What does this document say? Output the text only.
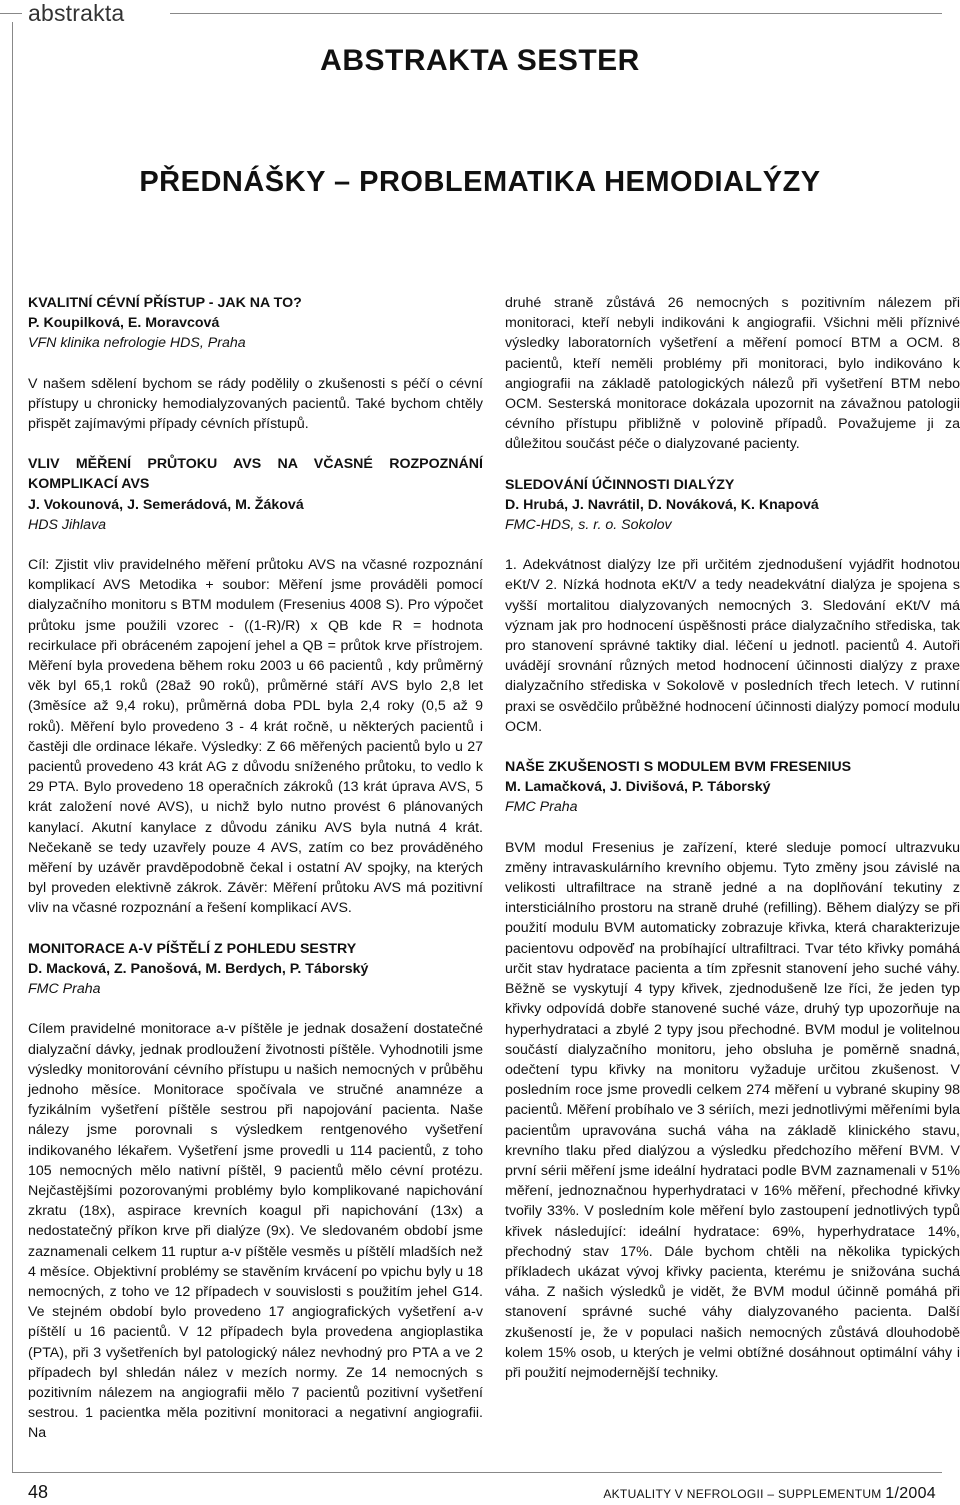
abstrakta
ABSTRAKTA SESTER
PŘEDNÁŠKY – PROBLEMATIKA HEMODIALÝZY
KVALITNÍ CÉVNÍ PŘÍSTUP - JAK NA TO?
P. Koupilková, E. Moravcová
VFN klinika nefrologie HDS, Praha

V našem sdělení bychom se rády podělily o zkušenosti s péčí o cévní přístupy u chronicky hemodialyzovaných pacientů. Také bychom chtěly přispět zajímavými případy cévních přístupů.

VLIV MĚŘENÍ PRŮTOKU AVS NA VČASNÉ ROZPOZNÁNÍ KOMPLIKACÍ AVS
J. Vokounová, J. Semerádová, M. Žáková
HDS Jihlava

Cíl: Zjistit vliv pravidelného měření průtoku AVS na včasné rozpoznání komplikací AVS Metodika + soubor: Měření jsme prováděli pomocí dialyzačního monitoru s BTM modulem (Fresenius 4008 S). Pro výpočet průtoku jsme použili vzorec - ((1-R)/R) x QB kde R = hodnota recirkulace při obráceném zapojení jehel a QB = průtok krve přístrojem. Měření byla provedena během roku 2003 u 66 pacientů , kdy průměrný věk byl 65,1 roků (28až 90 roků), průměrné stáří AVS bylo 2,8 let (3měsíce až 9,4 roku), průměrná doba PDL byla 2,4 roky (0,5 až 9 roků). Měření bylo provedeno 3 - 4 krát ročně, u některých pacientů i častěji dle ordinace lékaře. Výsledky: Z 66 měřených pacientů bylo u 27 pacientů provedeno 43 krát AG z důvodu sníženého průtoku, to vedlo k 29 PTA. Bylo provedeno 18 operačních zákroků (13 krát úprava AVS, 5 krát založení nové AVS), u nichž bylo nutno provést 6 plánovaných kanylací. Akutní kanylace z důvodu zániku AVS byla nutná 4 krát. Nečekaně se tedy uzavřely pouze 4 AVS, zatím co bez prováděného měření by uzávěr pravděpodobně čekal i ostatní AV spojky, na kterých byl proveden elektivně zákrok. Závěr: Měření průtoku AVS má pozitivní vliv na včasné rozpoznání a řešení komplikací AVS.

MONITORACE A-V PÍŠTĚLÍ Z POHLEDU SESTRY
D. Macková, Z. Panošová, M. Berdych, P. Táborský
FMC Praha

Cílem pravidelné monitorace a-v píštěle je jednak dosažení dostatečné dialyzační dávky, jednak prodloužení životnosti píštěle. Vyhodnotili jsme výsledky monitorování cévního přístupu u našich nemocných v průběhu jednoho měsíce. Monitorace spočívala ve stručné anamnéze a fyzikálním vyšetření píštěle sestrou při napojování pacienta. Naše nálezy jsme porovnali s výsledkem rentgenového vyšetření indikovaného lékařem. Vyšetření jsme provedli u 114 pacientů, z toho 105 nemocných mělo nativní píštěl, 9 pacientů mělo cévní protézu. Nejčastějšími pozorovanými problémy bylo komplikované napichování zkratu (18x), aspirace krevních koagul při napichování (13x) a nedostatečný příkon krve při dialýze (9x). Ve sledovaném období jsme zaznamenali celkem 11 ruptur a-v píštěle vesměs u píštělí mladších než 4 měsíce. Objektivní problémy se stavěním krvácení po vpichu byly u 18 nemocných, z toho ve 12 případech v souvislosti s použitím jehel G14. Ve stejném období bylo provedeno 17 angiografických vyšetření a-v píštělí u 16 pacientů. V 12 případech byla provedena angioplastika (PTA), při 3 vyšetřeních byl patologický nález nevhodný pro PTA a ve 2 případech byl shledán nález v mezích normy. Ze 14 nemocných s pozitivním nálezem na angiografii mělo 7 pacientů pozitivní vyšetření sestrou. 1 pacientka měla pozitivní monitoraci a negativní angiografii. Na

druhé straně zůstává 26 nemocných s pozitivním nálezem při monitoraci, kteří nebyli indikováni k angiografii. Všichni měli příznivé výsledky laboratorních vyšetření a měření pomocí BTM a OCM. 8 pacientů, kteří neměli problémy při monitoraci, bylo indikováno k angiografii na základě patologických nálezů při vyšetření BTM nebo OCM. Sesterská monitorace dokázala upozornit na závažnou patologii cévního přístupu přibližně v polovině případů. Považujeme ji za důležitou součást péče o dialyzované pacienty.

SLEDOVÁNÍ ÚČINNOSTI DIALÝZY
D. Hrubá, J. Navrátil, D. Nováková, K. Knapová
FMC-HDS, s. r. o. Sokolov

1. Adekvátnost dialýzy lze při určitém zjednodušení vyjádřit hodnotou eKt/V 2. Nízká hodnota eKt/V a tedy neadekvátní dialýza je spojena s vyšší mortalitou dialyzovaných nemocných 3. Sledování eKt/V má význam jak pro hodnocení úspěšnosti práce dialyzačního střediska, tak pro stanovení správné taktiky dial. léčení u jednotl. pacientů 4. Autoři uvádějí srovnání různých metod hodnocení účinnosti dialýzy z praxe dialyzačního střediska v Sokolově v posledních třech letech. V rutinní praxi se osvědčilo průběžné hodnocení účinnosti dialýzy pomocí modulu OCM.

NAŠE ZKUŠENOSTI S MODULEM BVM FRESENIUS
M. Lamačková, J. Divišová, P. Táborský
FMC Praha

BVM modul Fresenius je zařízení, které sleduje pomocí ultrazvuku změny intravaskulárního krevního objemu. Tyto změny jsou závislé na velikosti ultrafiltrace na straně jedné a na doplňování tekutiny z intersticiálního prostoru na straně druhé (refilling). Během dialýzy se při použití modulu BVM automaticky zobrazuje křivka, která charakterizuje pacientovu odpověď na probíhající ultrafiltraci. Tvar této křivky pomáhá určit stav hydratace pacienta a tím zpřesnit stanovení jeho suché váhy. Běžně se vyskytují 4 typy křivek, zjednodušeně lze říci, že jeden typ křivky odpovídá dobře stanovené suché váze, druhý typ upozorňuje na hyperhydrataci a zbylé 2 typy jsou přechodné. BVM modul je volitelnou součástí dialyzačního monitoru, jeho obsluha je poměrně snadná, odečtení typu křivky na monitoru vyžaduje určitou zkušenost. V posledním roce jsme provedli celkem 274 měření u vybrané skupiny 98 pacientů. Měření probíhalo ve 3 sériích, mezi jednotlivými měřeními byla pacientům upravována suchá váha na základě klinického stavu, krevního tlaku před dialýzou a výsledku předchozího měření BVM. V první sérii měření jsme ideální hydrataci podle BVM zaznamenali v 51% měření, jednoznačnou hyperhydrataci v 16% měření, přechodné křivky tvořily 33%. V posledním kole měření bylo zastoupení jednotlivých typů křivek následující: ideální hydratace: 69%, hyperhydratace 14%, přechodný stav 17%. Dále bychom chtěli na několika typických příkladech ukázat vývoj křivky pacienta, kterému je snižována suchá váha. Z našich výsledků je vidět, že BVM modul účinně pomáhá při stanovení správné suché váhy dialyzovaného pacienta. Další zkušeností je, že v populaci našich nemocných zůstává dlouhodobě kolem 15% osob, u kterých je velmi obtížné dosáhnout optimální váhy i při použití nejmodernější techniky.

48	AKTUALITY V NEFROLOGII – SUPPLEMENTUM 1/2004
